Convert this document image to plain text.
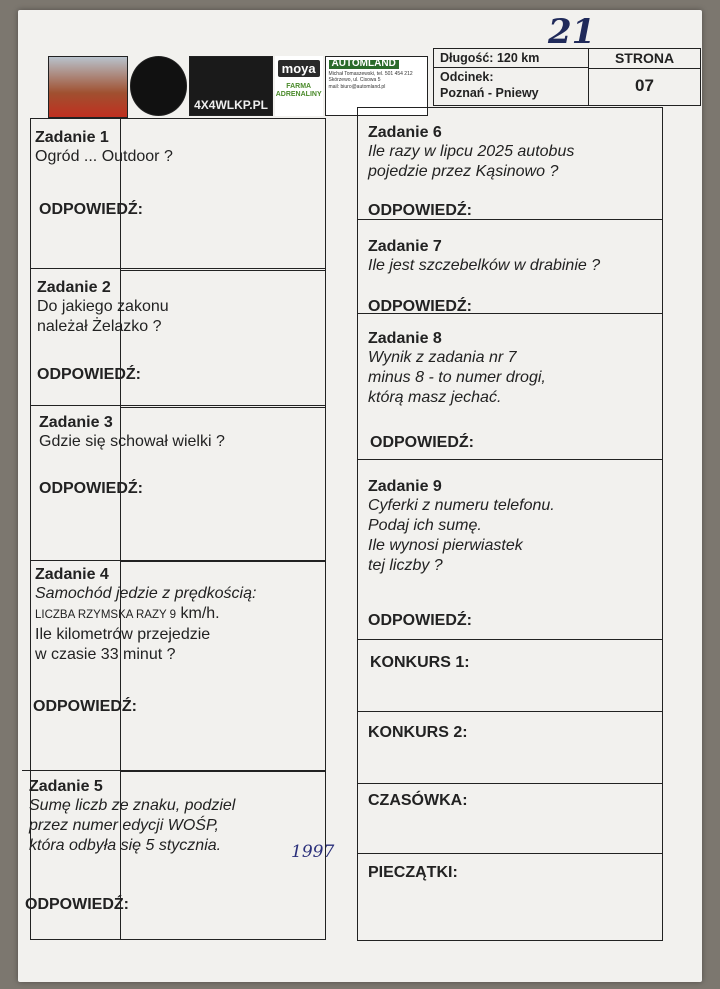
21
4X4WLKP.PL
moya
FARMA ADRENALINY
AUTOMLAND
Michał Tomaszewski, tel. 501 454 212
Skórzewo, ul. Cisowa 5
mail: biuro@automland.pl
Długość: 120 km
Odcinek:
Poznań - Pniewy
STRONA
07
Zadanie 1
Ogród ... Outdoor ?
ODPOWIEDŹ:
Zadanie 2
Do jakiego zakonu
należał Żelazko ?
ODPOWIEDŹ:
Zadanie 3
Gdzie się schował wielki ?
ODPOWIEDŹ:
Zadanie 4
Samochód jedzie z prędkością:
LICZBA RZYMSKA RAZY 9 km/h.
Ile kilometrów przejedzie
w czasie 33 minut ?
ODPOWIEDŹ:
Zadanie 5
Sumę liczb ze znaku, podziel
przez numer edycji WOŚP,
która odbyła się 5 stycznia.	1997
ODPOWIEDŹ:
Zadanie 6
Ile razy w lipcu 2025 autobus
pojedzie przez Kąsinowo ?
ODPOWIEDŹ:
Zadanie 7
Ile jest szczebelków w drabinie ?
ODPOWIEDŹ:
Zadanie 8
Wynik z zadania nr 7
minus 8 - to numer drogi,
którą masz jechać.
ODPOWIEDŹ:
Zadanie 9
Cyferki z numeru telefonu.
Podaj ich sumę.
Ile wynosi pierwiastek
tej liczby ?
ODPOWIEDŹ:
KONKURS 1:
KONKURS 2:
CZASÓWKA:
PIECZĄTKI:
